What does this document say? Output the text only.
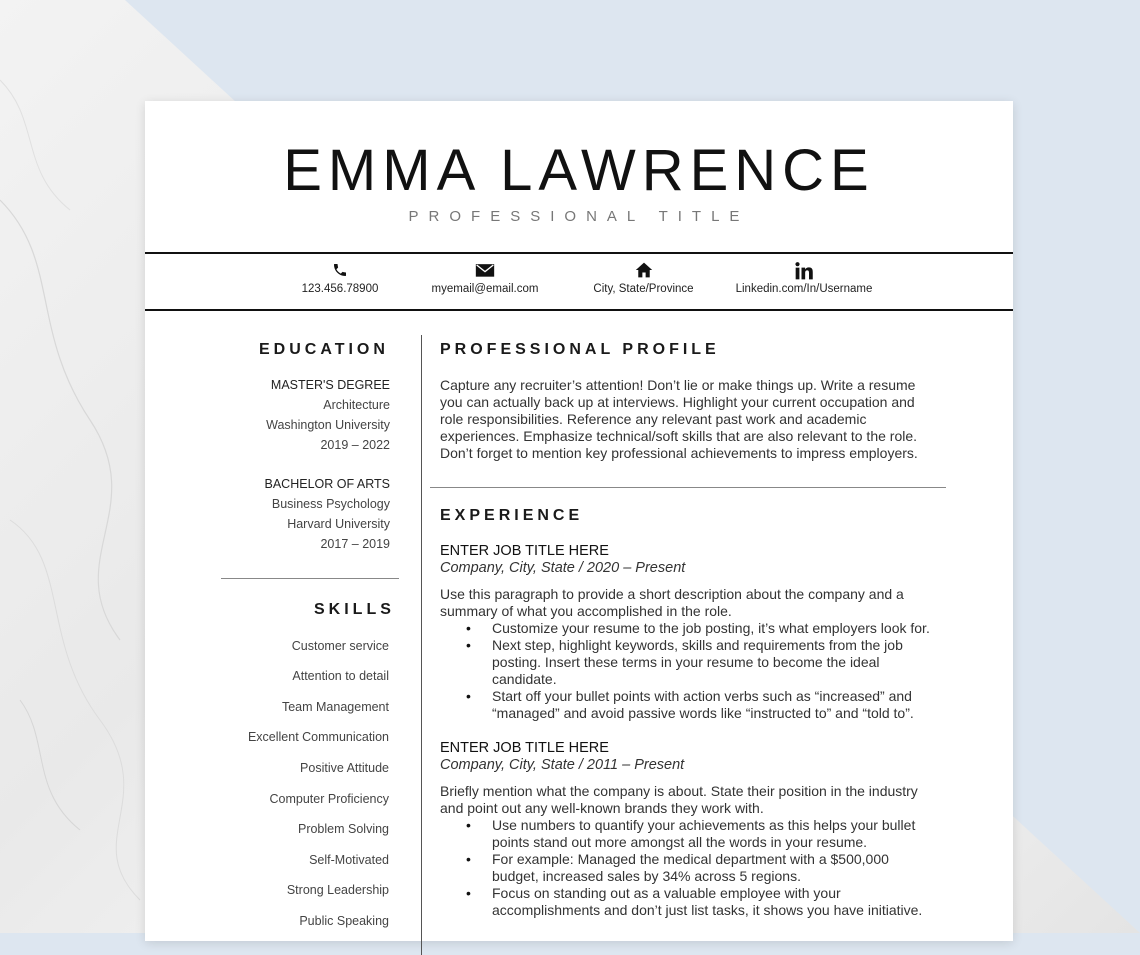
EMMA LAWRENCE
PROFESSIONAL TITLE
123.456.78900	myemail@email.com	City, State/Province	Linkedin.com/In/Username
EDUCATION
MASTER'S DEGREE
Architecture
Washington University
2019 – 2022
BACHELOR OF ARTS
Business Psychology
Harvard University
2017 – 2019
SKILLS
Customer service
Attention to detail
Team Management
Excellent Communication
Positive Attitude
Computer Proficiency
Problem Solving
Self-Motivated
Strong Leadership
Public Speaking
PROFESSIONAL PROFILE
Capture any recruiter’s attention! Don’t lie or make things up. Write a resume you can actually back up at interviews. Highlight your current occupation and role responsibilities. Reference any relevant past work and academic experiences. Emphasize technical/soft skills that are also relevant to the role. Don’t forget to mention key professional achievements to impress employers.
EXPERIENCE
ENTER JOB TITLE HERE
Company, City, State / 2020 – Present
Use this paragraph to provide a short description about the company and a summary of what you accomplished in the role.
• Customize your resume to the job posting, it’s what employers look for.
• Next step, highlight keywords, skills and requirements from the job posting. Insert these terms in your resume to become the ideal candidate.
• Start off your bullet points with action verbs such as “increased” and “managed” and avoid passive words like “instructed to” and “told to”.
ENTER JOB TITLE HERE
Company, City, State / 2011 – Present
Briefly mention what the company is about. State their position in the industry and point out any well-known brands they work with.
• Use numbers to quantify your achievements as this helps your bullet points stand out more amongst all the words in your resume.
• For example: Managed the medical department with a $500,000 budget, increased sales by 34% across 5 regions.
• Focus on standing out as a valuable employee with your accomplishments and don’t just list tasks, it shows you have initiative.
